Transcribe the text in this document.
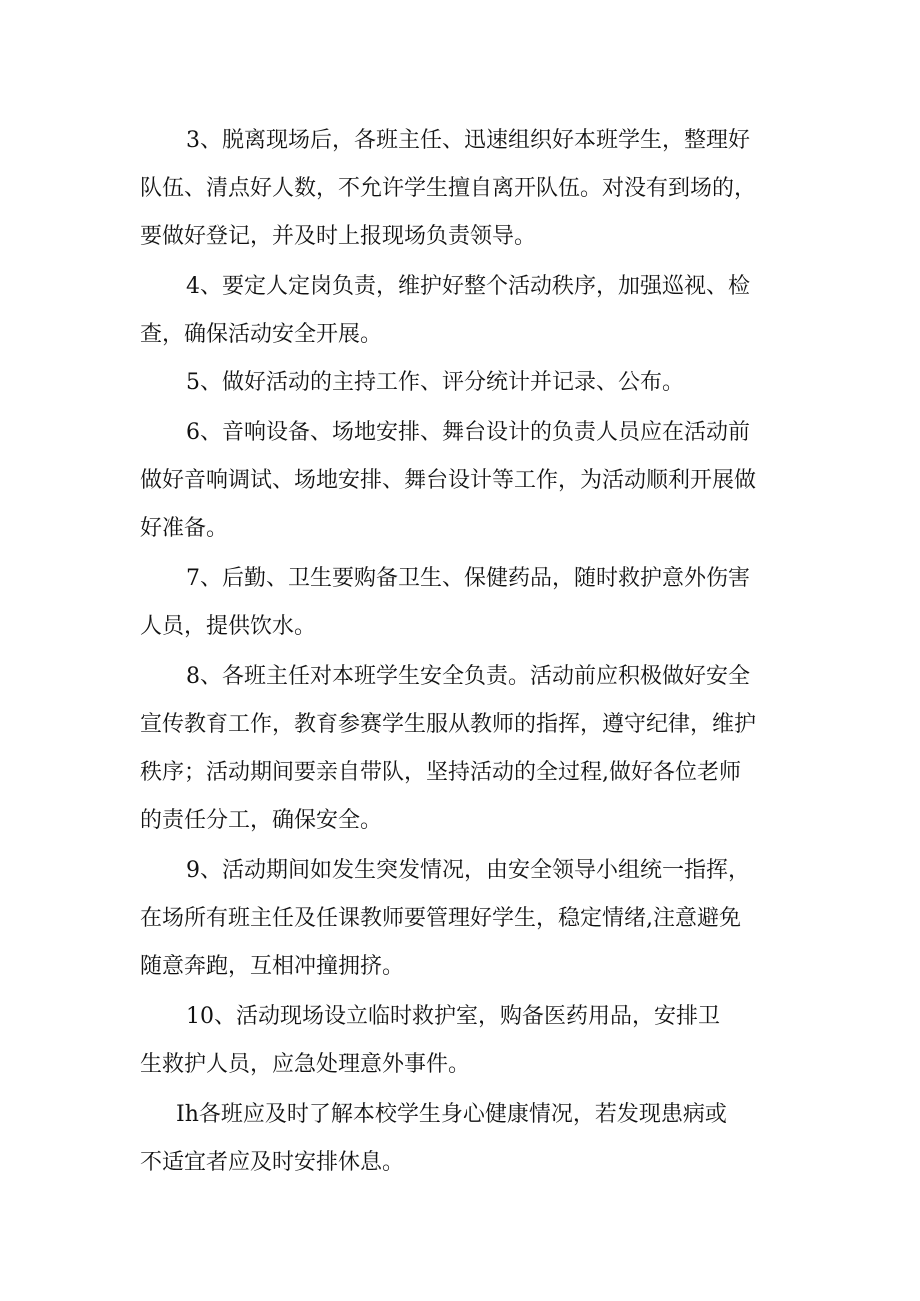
3、脱离现场后，各班主任、迅速组织好本班学生，整理好
队伍、清点好人数，不允许学生擅自离开队伍。对没有到场的，
要做好登记，并及时上报现场负责领导。
4、要定人定岗负责，维护好整个活动秩序，加强巡视、检
查，确保活动安全开展。
5、做好活动的主持工作、评分统计并记录、公布。
6、音响设备、场地安排、舞台设计的负责人员应在活动前
做好音响调试、场地安排、舞台设计等工作，为活动顺利开展做
好准备。
7、后勤、卫生要购备卫生、保健药品，随时救护意外伤害
人员，提供饮水。
8、各班主任对本班学生安全负责。活动前应积极做好安全
宣传教育工作，教育参赛学生服从教师的指挥，遵守纪律，维护
秩序；活动期间要亲自带队，坚持活动的全过程,做好各位老师
的责任分工，确保安全。
9、活动期间如发生突发情况，由安全领导小组统一指挥，
在场所有班主任及任课教师要管理好学生，稳定情绪,注意避免
随意奔跑，互相冲撞拥挤。
10、活动现场设立临时救护室，购备医药用品，安排卫
生救护人员，应急处理意外事件。
Ih各班应及时了解本校学生身心健康情况，若发现患病或
不适宜者应及时安排休息。
